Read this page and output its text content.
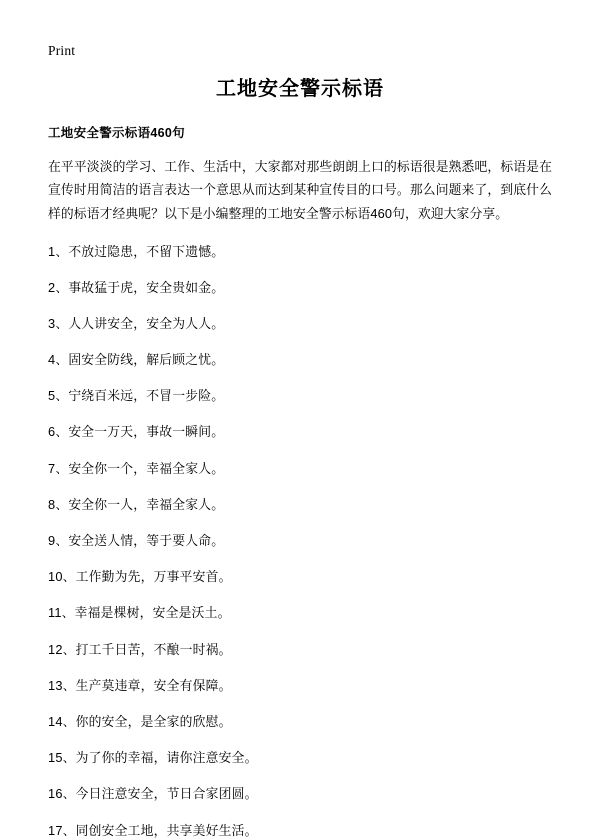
Print
工地安全警示标语
工地安全警示标语460句

在平平淡淡的学习、工作、生活中，大家都对那些朗朗上口的标语很是熟悉吧，标语是在宣传时用简洁的语言表达一个意思从而达到某种宣传目的口号。那么问题来了，到底什么样的标语才经典呢？以下是小编整理的工地安全警示标语460句，欢迎大家分享。

1、不放过隐患，不留下遗憾。
2、事故猛于虎，安全贵如金。
3、人人讲安全，安全为人人。
4、固安全防线，解后顾之忧。
5、宁绕百米远，不冒一步险。
6、安全一万天，事故一瞬间。
7、安全你一个，幸福全家人。
8、安全你一人，幸福全家人。
9、安全送人情，等于要人命。
10、工作勤为先，万事平安首。
11、幸福是棵树，安全是沃土。
12、打工千日苦，不酿一时祸。
13、生产莫违章，安全有保障。
14、你的安全，是全家的欣慰。
15、为了你的幸福，请你注意安全。
16、今日注意安全，节日合家团圆。
17、同创安全工地，共享美好生活。
